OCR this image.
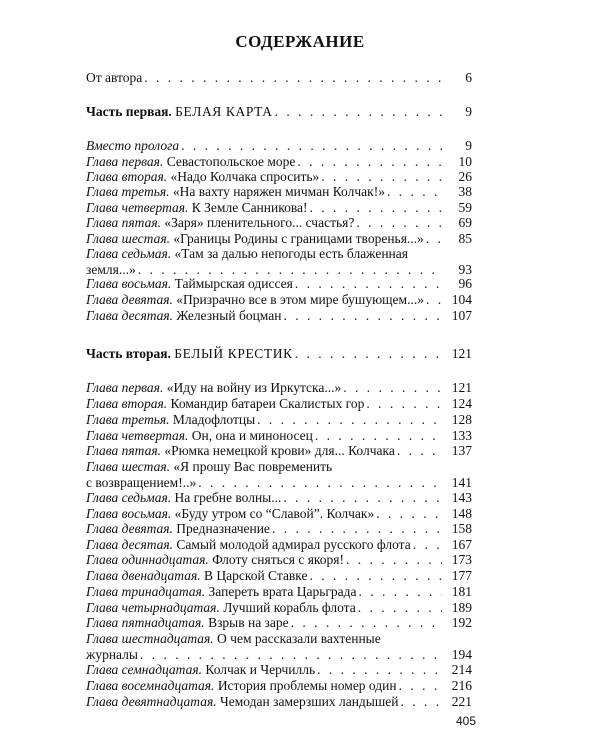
СОДЕРЖАНИЕ
От автора . . .	6
Часть первая. БЕЛАЯ КАРТА . . .	9
Вместо пролога . . .	9
Глава первая. Севастопольское море . . .	10
Глава вторая. «Надо Колчака спросить» . . .	26
Глава третья. «На вахту наряжен мичман Колчак!» . . .	38
Глава четвертая. К Земле Санникова! . . .	59
Глава пятая. «Заря» пленительного... счастья? . . .	69
Глава шестая. «Границы Родины с границами творенья...» . . .	85
Глава седьмая. «Там за далью непогоды есть блаженная
земля...» . . .	93
Глава восьмая. Таймырская одиссея . . .	96
Глава девятая. «Призрачно все в этом мире бушующем...» . . .	104
Глава десятая. Железный боцман . . .	107
Часть вторая. БЕЛЫЙ КРЕСТИК . . .	121
Глава первая. «Иду на войну из Иркутска...» . . .	121
Глава вторая. Командир батареи Скалистых гор . . .	124
Глава третья. Младофлотцы . . .	128
Глава четвертая. Он, она и миноносец . . .	133
Глава пятая. «Рюмка немецкой крови» для... Колчака . . .	137
Глава шестая. «Я прошу Вас повременить
с возвращением!..» . . .	141
Глава седьмая. На гребне волны... . . .	143
Глава восьмая. «Буду утром со “Славой”. Колчак» . . .	148
Глава девятая. Предназначение . . .	158
Глава десятая. Самый молодой адмирал русского флота . . .	167
Глава одиннадцатая. Флоту сняться с якоря! . . .	173
Глава двенадцатая. В Царской Ставке . . .	177
Глава тринадцатая. Запереть врата Царьграда . . .	181
Глава четырнадцатая. Лучший корабль флота . . .	189
Глава пятнадцатая. Взрыв на заре . . .	192
Глава шестнадцатая. О чем рассказали вахтенные
журналы . . .	194
Глава семнадцатая. Колчак и Черчилль . . .	214
Глава восемнадцатая. История проблемы номер один . . .	216
Глава девятнадцатая. Чемодан замерзших ландышей . . .	221
405
